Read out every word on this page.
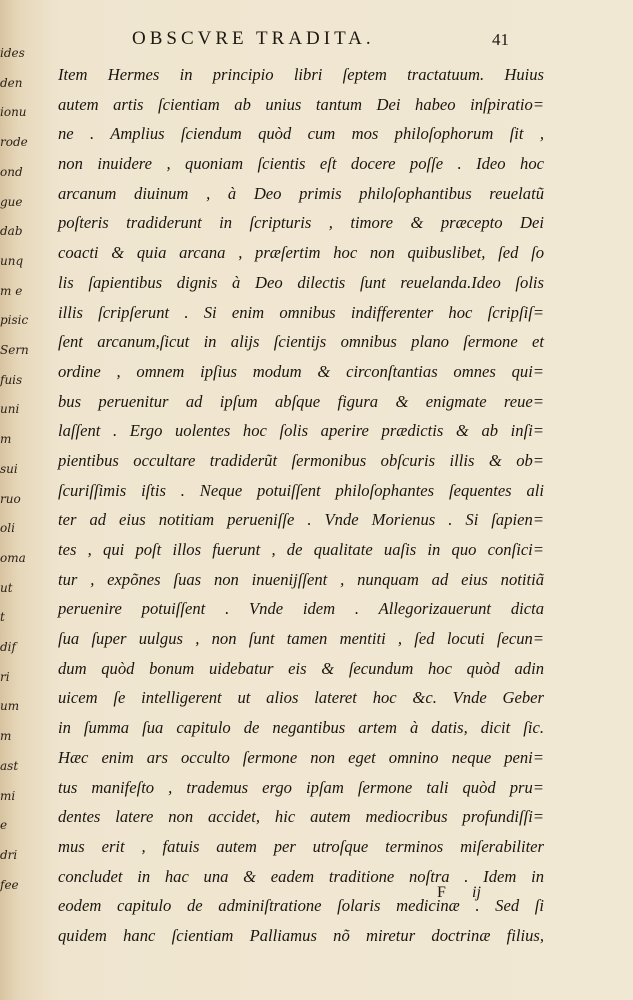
ides
den
ionu
rode
ond
gue
dab
unq
m e
pisic
Sern
fuis
uni
m
sui
ruo
oli
oma
ut
t
dif
ri
um
m
ast
mi
e
dri
fee
OBSCVRE TRADITA.	41
Item Hermes in principio libri ſeptem tractatuum. Huius
autem artis ſcientiam ab unius tantum Dei habeo inſpiratio=
ne . Amplius ſciendum quòd cum mos philoſophorum ſit ,
non inuidere , quoniam ſcientis eſt docere poſſe . Ideo hoc
arcanum diuinum , à Deo primis philoſophantibus reuelatũ
poſteris tradiderunt in ſcripturis , timore & præcepto Dei
coacti & quia arcana , præſertim hoc non quibuslibet, ſed ſo
lis ſapientibus dignis à Deo dilectis ſunt reuelanda.Ideo ſolis
illis ſcripſerunt . Si enim omnibus indifferenter hoc ſcripſiſ=
ſent arcanum,ſicut in alijs ſcientijs omnibus plano ſermone et
ordine , omnem ipſius modum & circonſtantias omnes qui=
bus peruenitur ad ipſum abſque figura & enigmate reue=
laſſent . Ergo uolentes hoc ſolis aperire prædictis & ab inſi=
pientibus occultare tradiderũt ſermonibus obſcuris illis & ob=
ſcuriſſimis iſtis . Neque potuiſſent philoſophantes ſequentes ali
ter ad eius notitiam perueniſſe . Vnde Morienus . Si ſapien=
tes , qui poſt illos fuerunt , de qualitate uaſis in quo conſici=
tur , expõnes ſuas non inuenijſſent , nunquam ad eius notitiã
peruenire potuiſſent . Vnde idem . Allegorizauerunt dicta
ſua ſuper uulgus , non ſunt tamen mentiti , ſed locuti ſecun=
dum quòd bonum uidebatur eis & ſecundum hoc quòd adin
uicem ſe intelligerent ut alios lateret hoc &c. Vnde Geber
in ſumma ſua capitulo de negantibus artem à datis, dicit ſic.
Hæc enim ars occulto ſermone non eget omnino neque peni=
tus manifeſto , trademus ergo ipſam ſermone tali quòd pru=
dentes latere non accidet, hic autem mediocribus profundiſſi=
mus erit , fatuis autem per utroſque terminos miſerabiliter
concludet in hac una & eadem traditione noſtra . Idem in
eodem capitulo de adminiſtratione ſolaris medicinæ . Sed ſi
quidem hanc ſcientiam Palliamus nõ miretur doctrinæ filius,
F ij
